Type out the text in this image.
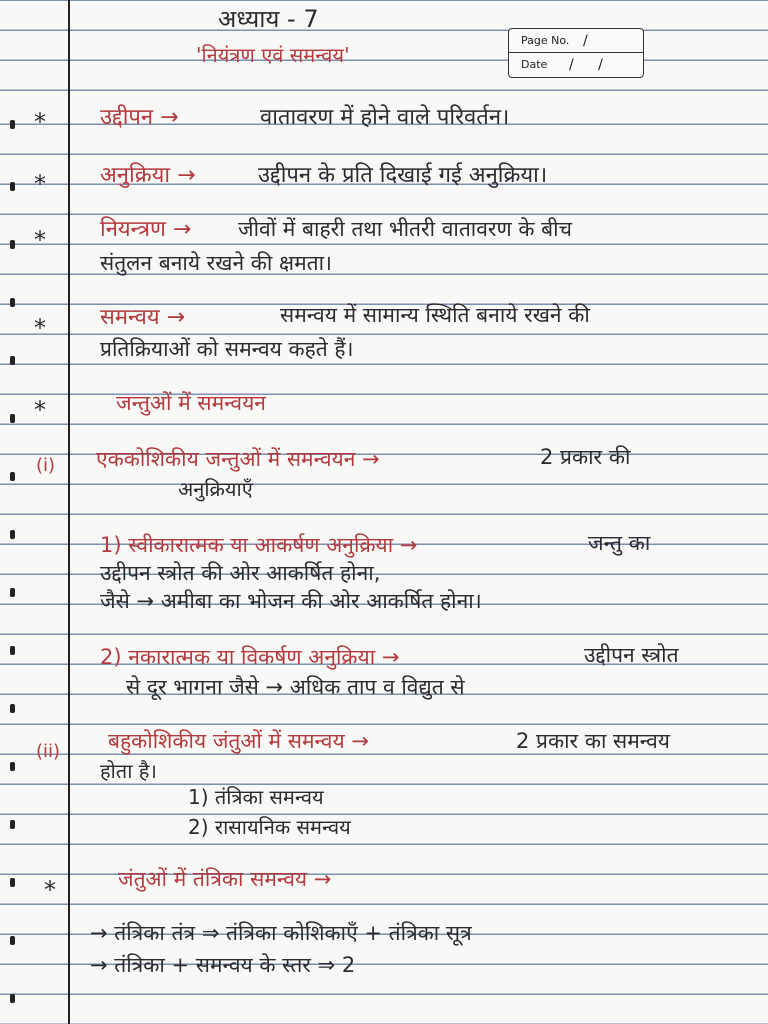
Page No. /
Date / /
अध्याय - 7
'नियंत्रण एवं समन्वय'
* उद्दीपन →	वातावरण में होने वाले परिवर्तन।
* अनुक्रिया →	उद्दीपन के प्रति दिखाई गई अनुक्रिया।
* नियन्त्रण → जीवों में बाहरी तथा भीतरी वातावरण के बीच
संतुलन बनाये रखने की क्षमता।
* समन्वय →	समन्वय में सामान्य स्थिति बनाये रखने की
प्रतिक्रियाओं को समन्वय कहते हैं।
*	जन्तुओं में समन्वयन
(i) एककोशिकीय जन्तुओं में समन्वयन →	2 प्रकार की
अनुक्रियाएँ
1) स्वीकारात्मक या आकर्षण अनुक्रिया →	जन्तु का
उद्दीपन स्त्रोत की ओर आकर्षित होना,
जैसे → अमीबा का भोजन की ओर आकर्षित होना।
2) नकारात्मक या विकर्षण अनुक्रिया →	उद्दीपन स्त्रोत
से दूर भागना जैसे → अधिक ताप व विद्युत से
(ii) बहुकोशिकीय जंतुओं में समन्वय →	2 प्रकार का समन्वय
होता है।
1) तंत्रिका समन्वय
2) रासायनिक समन्वय
*	जंतुओं में तंत्रिका समन्वय →
→ तंत्रिका तंत्र ⇒ तंत्रिका कोशिकाएँ + तंत्रिका सूत्र
→ तंत्रिका + समन्वय के स्तर ⇒ 2
